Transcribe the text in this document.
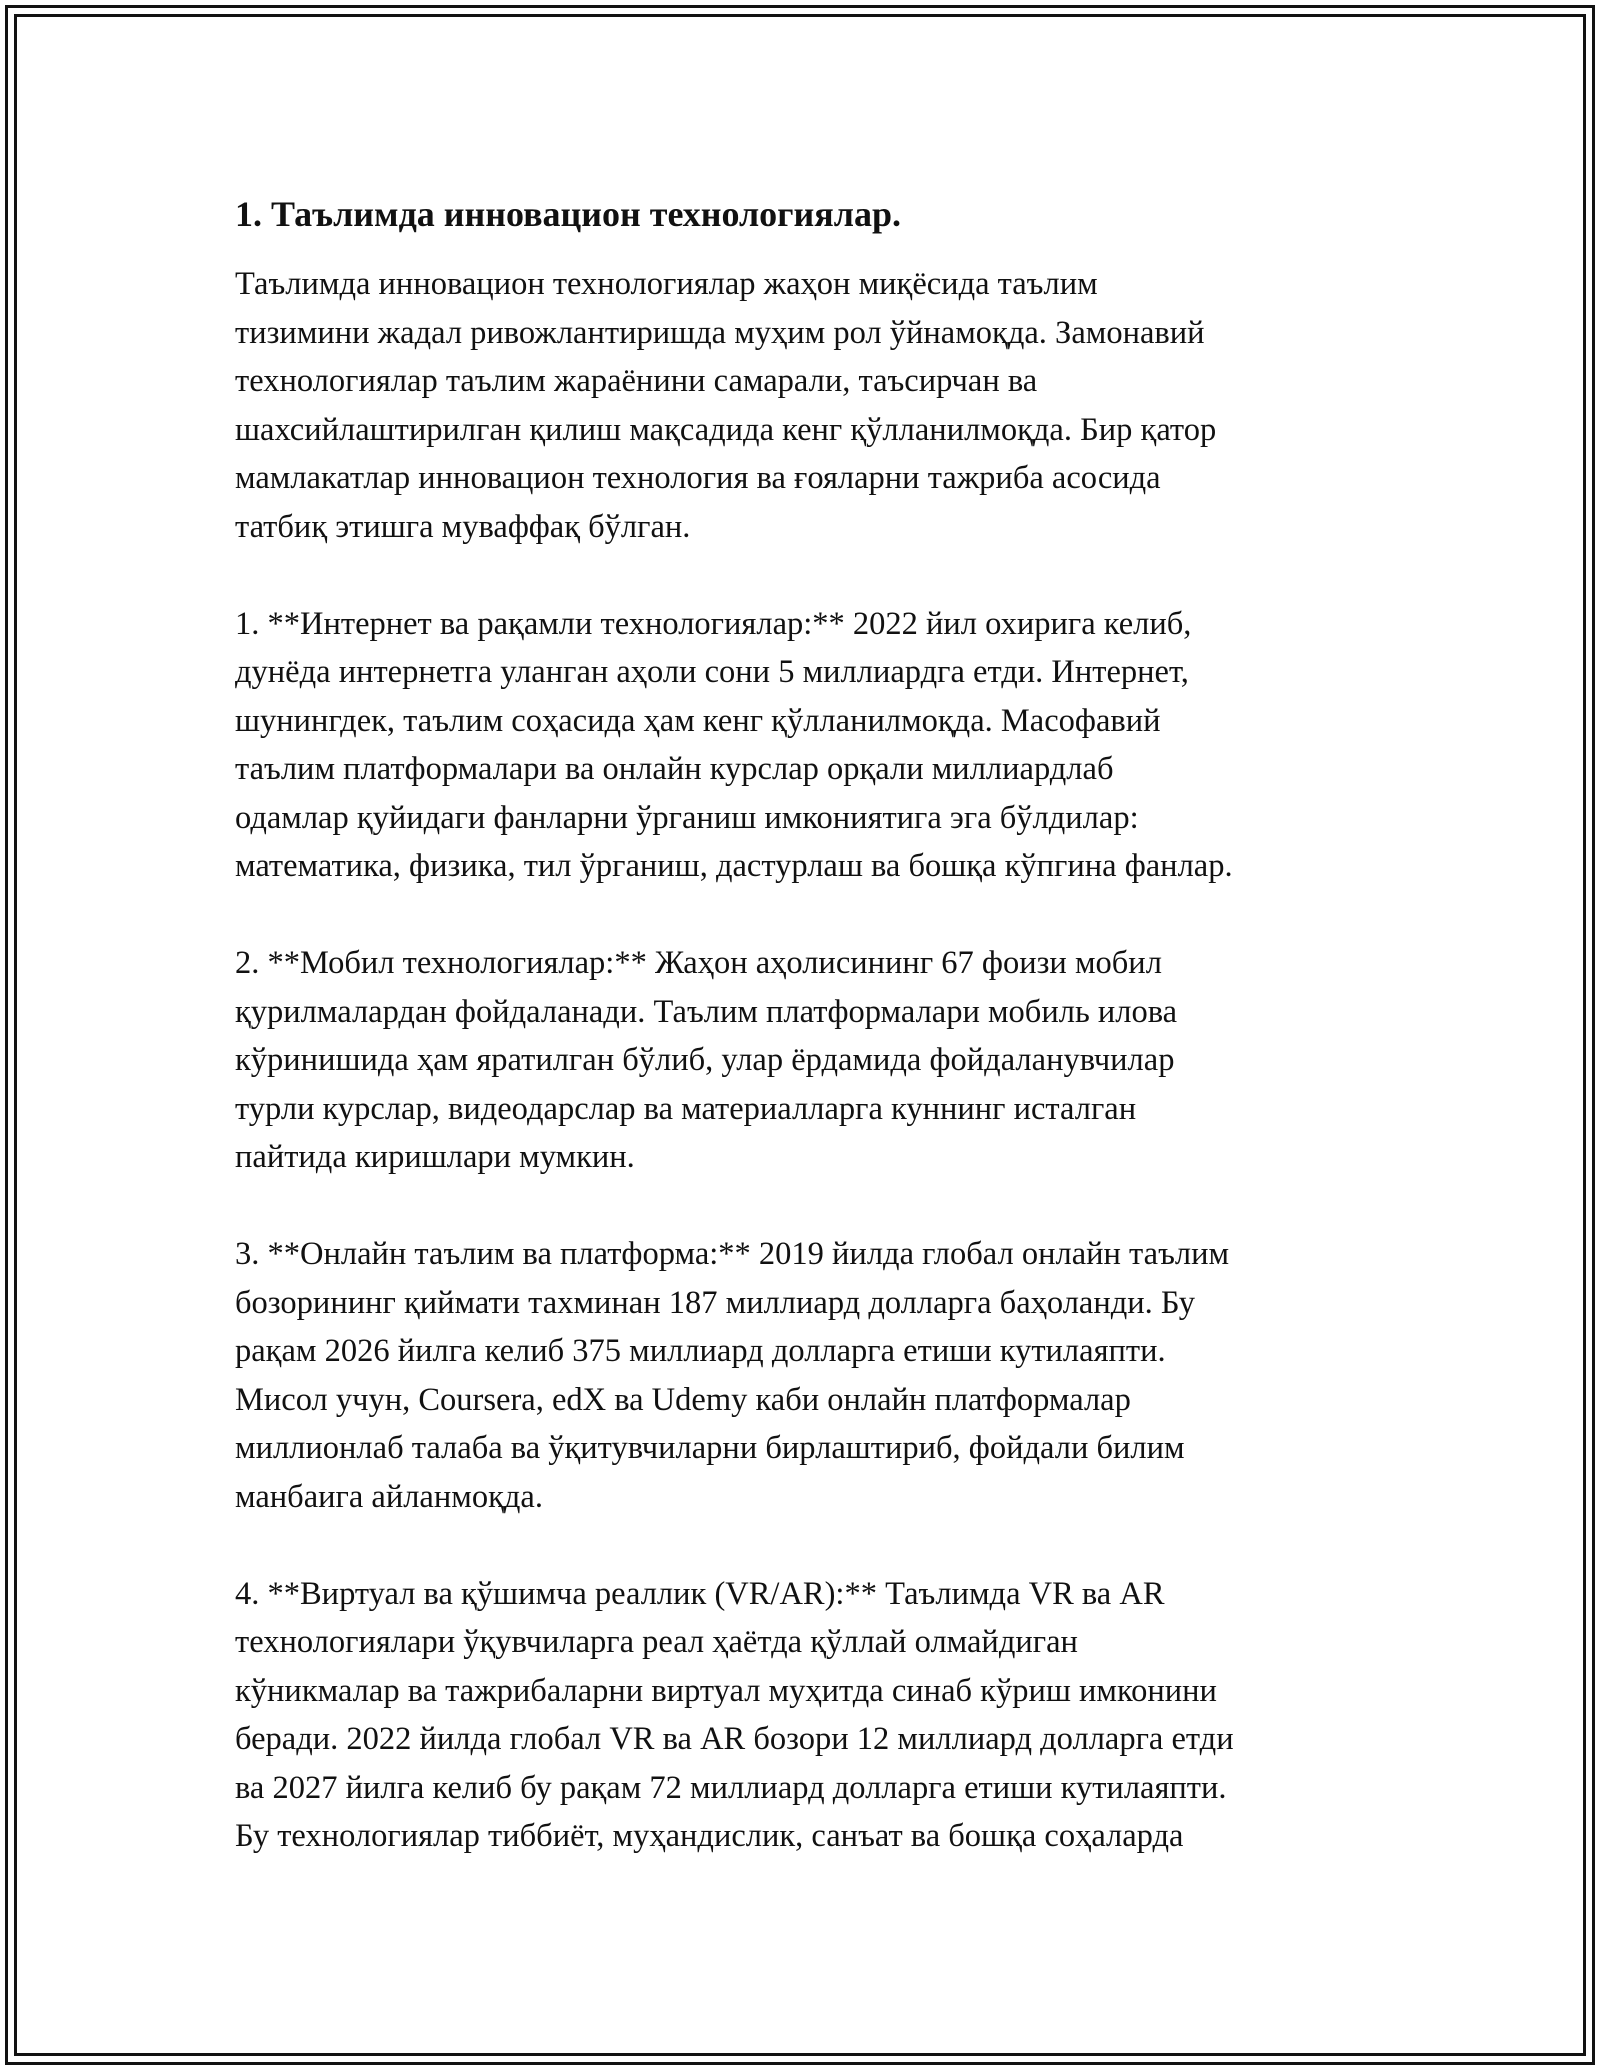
1. Таълимда инновацион технологиялар.

Таълимда инновацион технологиялар жаҳон миқёсида таълим
тизимини жадал ривожлантиришда муҳим рол ўйнамоқда. Замонавий
технологиялар таълим жараёнини самарали, таъсирчан ва
шахсийлаштирилган қилиш мақсадида кенг қўлланилмоқда. Бир қатор
мамлакатлар инновацион технология ва ғояларни тажриба асосида
татбиқ этишга муваффақ бўлган.

1. **Интернет ва рақамли технологиялар:** 2022 йил охирига келиб,
дунёда интернетга уланган аҳоли сони 5 миллиардга етди. Интернет,
шунингдек, таълим соҳасида ҳам кенг қўлланилмоқда. Масофавий
таълим платформалари ва онлайн курслар орқали миллиардлаб
одамлар қуйидаги фанларни ўрганиш имкониятига эга бўлдилар:
математика, физика, тил ўрганиш, дастурлаш ва бошқа кўпгина фанлар.

2. **Мобил технологиялар:** Жаҳон аҳолисининг 67 фоизи мобил
қурилмалардан фойдаланади. Таълим платформалари мобиль илова
кўринишида ҳам яратилган бўлиб, улар ёрдамида фойдаланувчилар
турли курслар, видеодарслар ва материалларга куннинг исталган
пайтида киришлари мумкин.

3. **Онлайн таълим ва платформа:** 2019 йилда глобал онлайн таълим
бозорининг қиймати тахминан 187 миллиард долларга баҳоланди. Бу
рақам 2026 йилга келиб 375 миллиард долларга етиши кутилаяпти.
Мисол учун, Coursera, edX ва Udemy каби онлайн платформалар
миллионлаб талаба ва ўқитувчиларни бирлаштириб, фойдали билим
манбаига айланмоқда.

4. **Виртуал ва қўшимча реаллик (VR/AR):** Таълимда VR ва AR
технологиялари ўқувчиларга реал ҳаётда қўллай олмайдиган
кўникмалар ва тажрибаларни виртуал муҳитда синаб кўриш имконини
беради. 2022 йилда глобал VR ва AR бозори 12 миллиард долларга етди
ва 2027 йилга келиб бу рақам 72 миллиард долларга етиши кутилаяпти.
Бу технологиялар тиббиёт, муҳандислик, санъат ва бошқа соҳаларда
